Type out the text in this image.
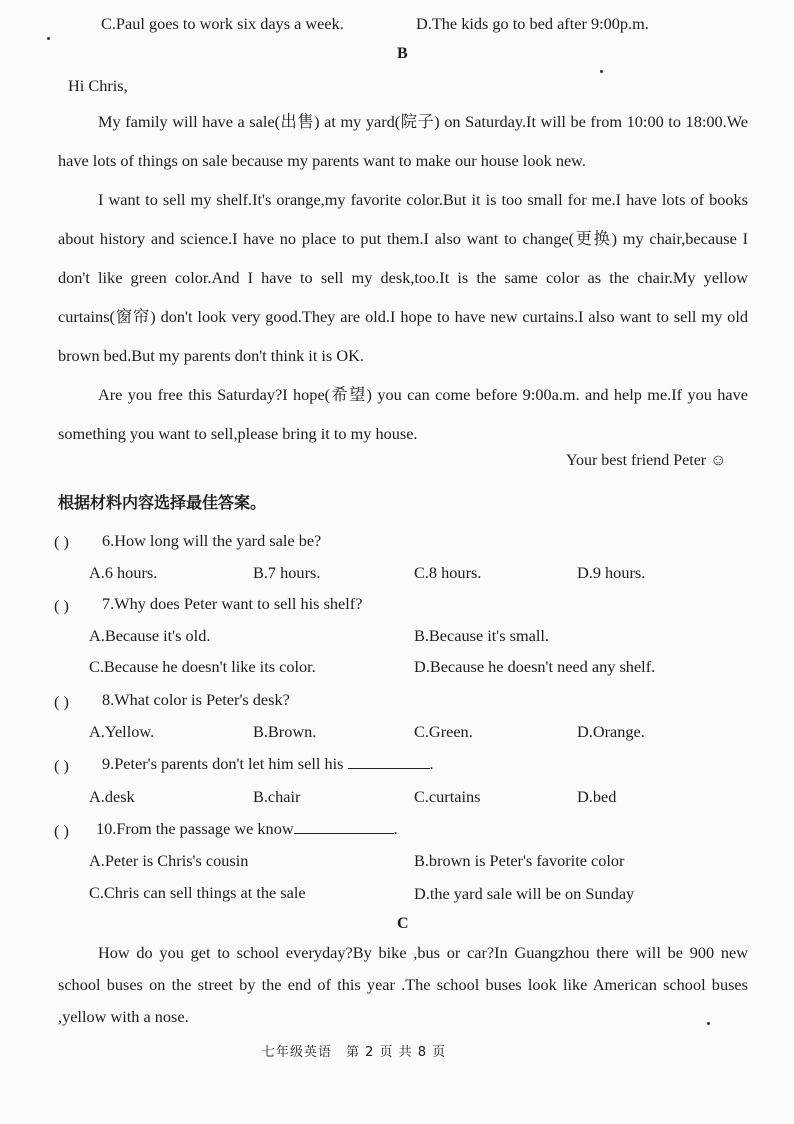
C.Paul goes to work six days a week.	D.The kids go to bed after 9:00p.m.
B
Hi Chris,
My family will have a sale(出售) at my yard(院子) on Saturday.It will be from 10:00 to 18:00.We have lots of things on sale because my parents want to make our house look new.
I want to sell my shelf.It's orange,my favorite color.But it is too small for me.I have lots of books about history and science.I have no place to put them.I also want to change(更换) my chair,because I don't like green color.And I have to sell my desk,too.It is the same color as the chair.My yellow curtains(窗帘) don't look very good.They are old.I hope to have new curtains.I also want to sell my old brown bed.But my parents don't think it is OK.
Are you free this Saturday?I hope(希望) you can come before 9:00a.m. and help me.If you have something you want to sell,please bring it to my house.
Your best friend Peter ☺
根据材料内容选择最佳答案。
( ) 6.How long will the yard sale be?
A.6 hours.	B.7 hours.	C.8 hours.	D.9 hours.
( ) 7.Why does Peter want to sell his shelf?
A.Because it's old.	B.Because it's small.
C.Because he doesn't like its color.	D.Because he doesn't need any shelf.
( ) 8.What color is Peter's desk?
A.Yellow.	B.Brown.	C.Green.	D.Orange.
( ) 9.Peter's parents don't let him sell his	.
A.desk	B.chair	C.curtains	D.bed
( ) 10.From the passage we know	.
A.Peter is Chris's cousin	B.brown is Peter's favorite color
C.Chris can sell things at the sale	D.the yard sale will be on Sunday
C
How do you get to school everyday?By bike ,bus or car?In Guangzhou there will be 900 new school buses on the street by the end of this year .The school buses look like American school buses ,yellow with a nose.
七年级英语　第 2 页 共 8 页
